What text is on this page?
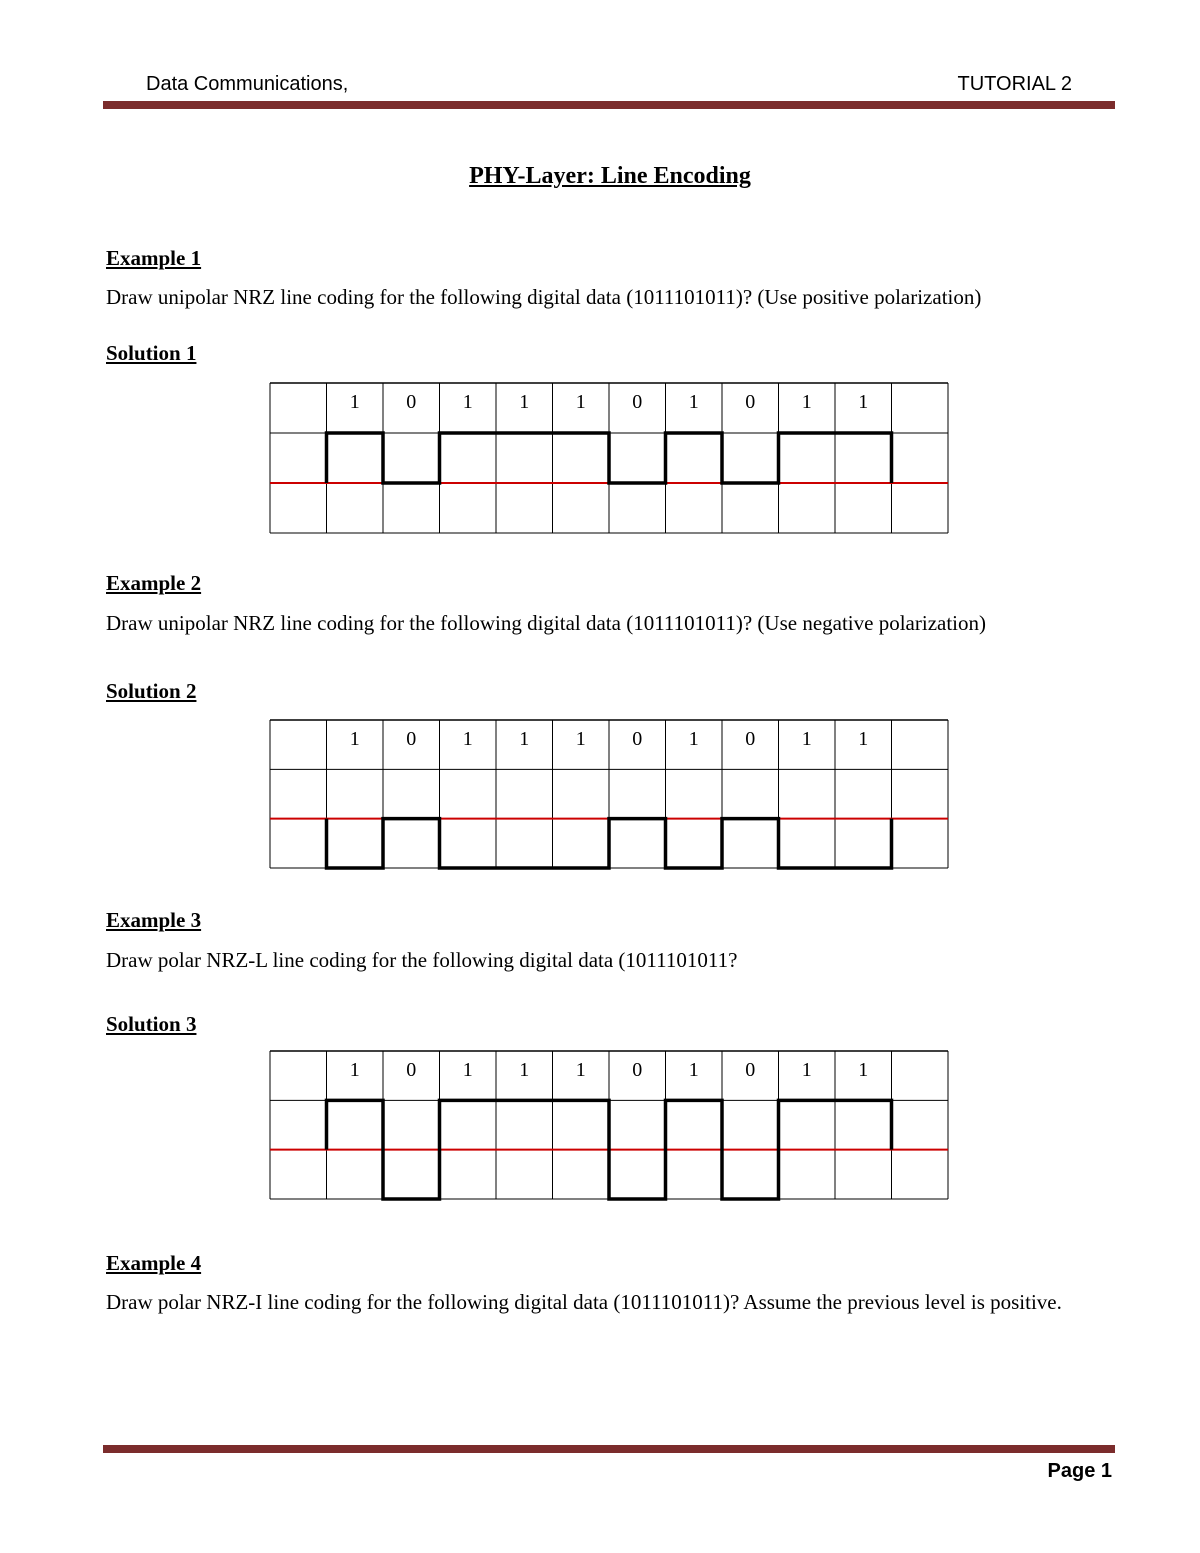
Data Communications,	TUTORIAL 2
PHY-Layer: Line Encoding
Example 1
Draw unipolar NRZ line coding for the following digital data (1011101011)? (Use positive polarization)
Solution 1
1 0 1 1 1 0 1 0 1 1
Example 2
Draw unipolar NRZ line coding for the following digital data (1011101011)? (Use negative polarization)
Solution 2
1 0 1 1 1 0 1 0 1 1
Example 3
Draw polar NRZ-L line coding for the following digital data (1011101011?
Solution 3
1 0 1 1 1 0 1 0 1 1
Example 4
Draw polar NRZ-I line coding for the following digital data (1011101011)? Assume the previous level is positive.
Page 1
